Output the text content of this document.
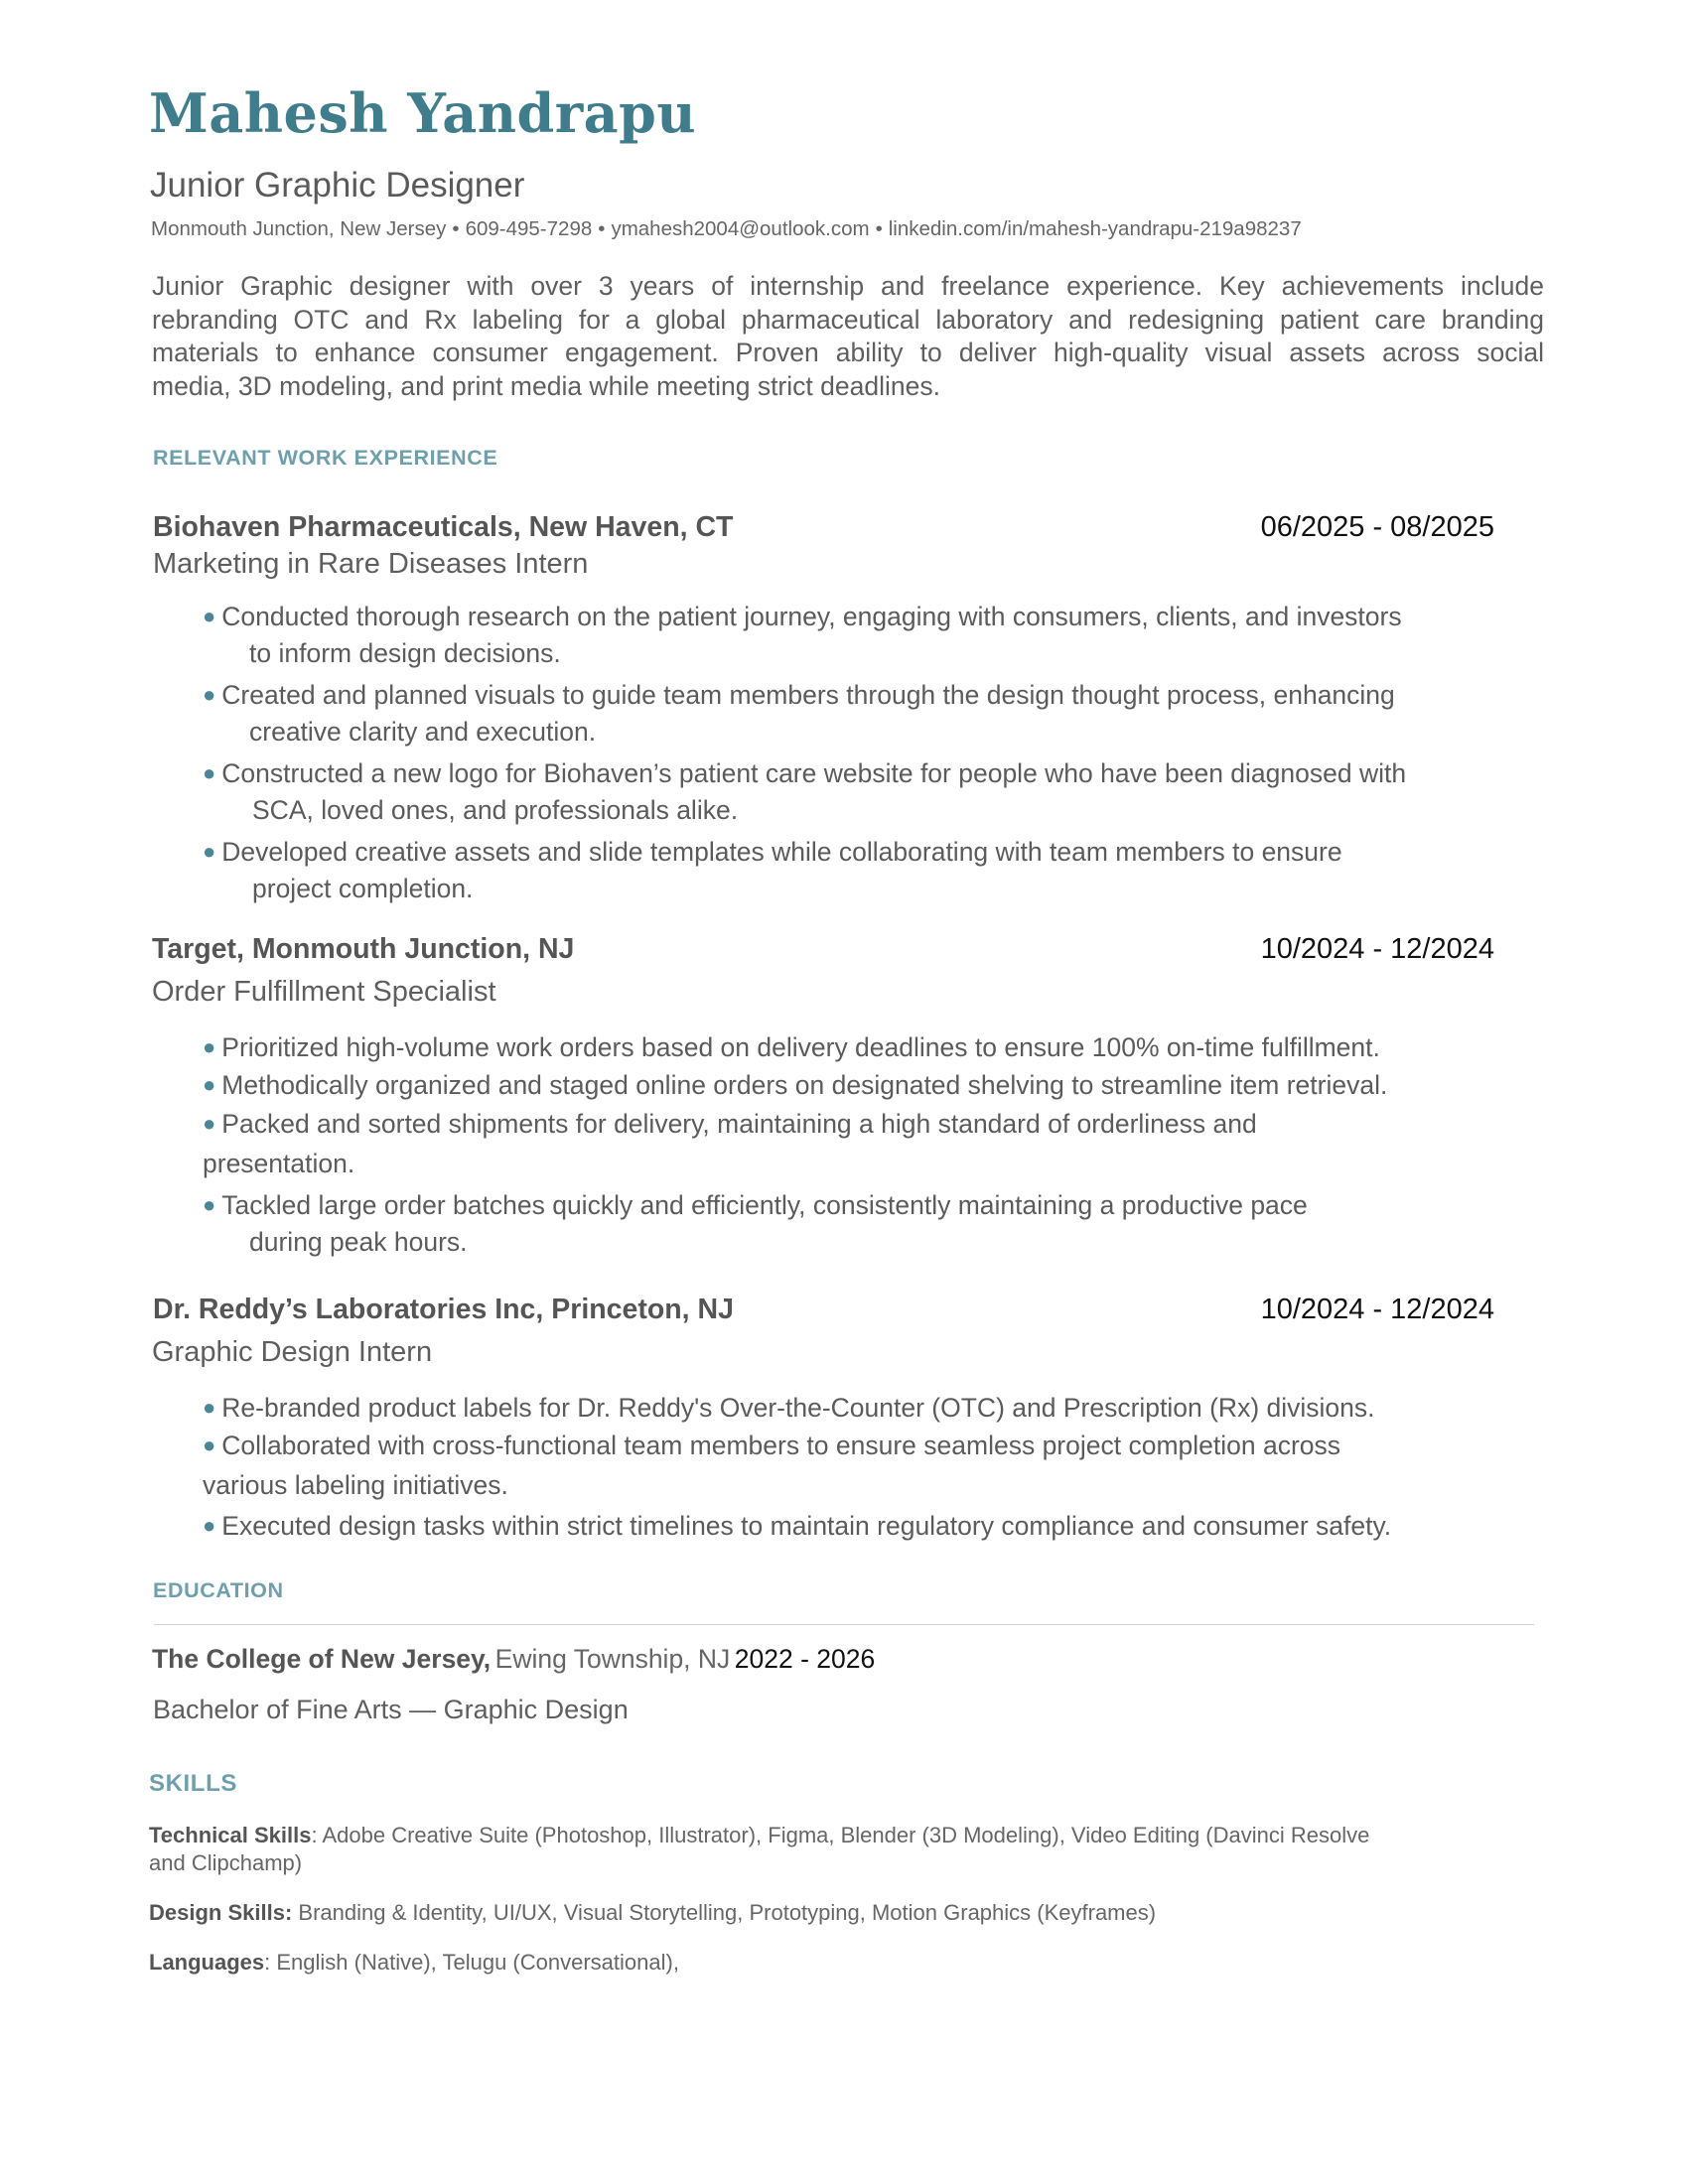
Mahesh Yandrapu
Junior Graphic Designer
Monmouth Junction, New Jersey • 609-495-7298 • ymahesh2004@outlook.com • linkedin.com/in/mahesh-yandrapu-219a98237
Junior Graphic designer with over 3 years of internship and freelance experience. Key achievements include
rebranding OTC and Rx labeling for a global pharmaceutical laboratory and redesigning patient care branding
materials to enhance consumer engagement. Proven ability to deliver high-quality visual assets across social
media, 3D modeling, and print media while meeting strict deadlines.
RELEVANT WORK EXPERIENCE
Biohaven Pharmaceuticals, New Haven, CT	06/2025 - 08/2025
Marketing in Rare Diseases Intern
● Conducted thorough research on the patient journey, engaging with consumers, clients, and investors
to inform design decisions.
● Created and planned visuals to guide team members through the design thought process, enhancing
creative clarity and execution.
● Constructed a new logo for Biohaven’s patient care website for people who have been diagnosed with
SCA, loved ones, and professionals alike.
● Developed creative assets and slide templates while collaborating with team members to ensure
project completion.
Target, Monmouth Junction, NJ	10/2024 - 12/2024
Order Fulfillment Specialist
● Prioritized high-volume work orders based on delivery deadlines to ensure 100% on-time fulfillment.
● Methodically organized and staged online orders on designated shelving to streamline item retrieval.
● Packed and sorted shipments for delivery, maintaining a high standard of orderliness and
presentation.
● Tackled large order batches quickly and efficiently, consistently maintaining a productive pace
during peak hours.
Dr. Reddy’s Laboratories Inc, Princeton, NJ	10/2024 - 12/2024
Graphic Design Intern
● Re-branded product labels for Dr. Reddy's Over-the-Counter (OTC) and Prescription (Rx) divisions.
● Collaborated with cross-functional team members to ensure seamless project completion across
various labeling initiatives.
● Executed design tasks within strict timelines to maintain regulatory compliance and consumer safety.
EDUCATION
The College of New Jersey, Ewing Township, NJ 2022 - 2026
Bachelor of Fine Arts — Graphic Design
SKILLS
Technical Skills: Adobe Creative Suite (Photoshop, Illustrator), Figma, Blender (3D Modeling), Video Editing (Davinci Resolve
and Clipchamp)
Design Skills: Branding & Identity, UI/UX, Visual Storytelling, Prototyping, Motion Graphics (Keyframes)
Languages: English (Native), Telugu (Conversational),
